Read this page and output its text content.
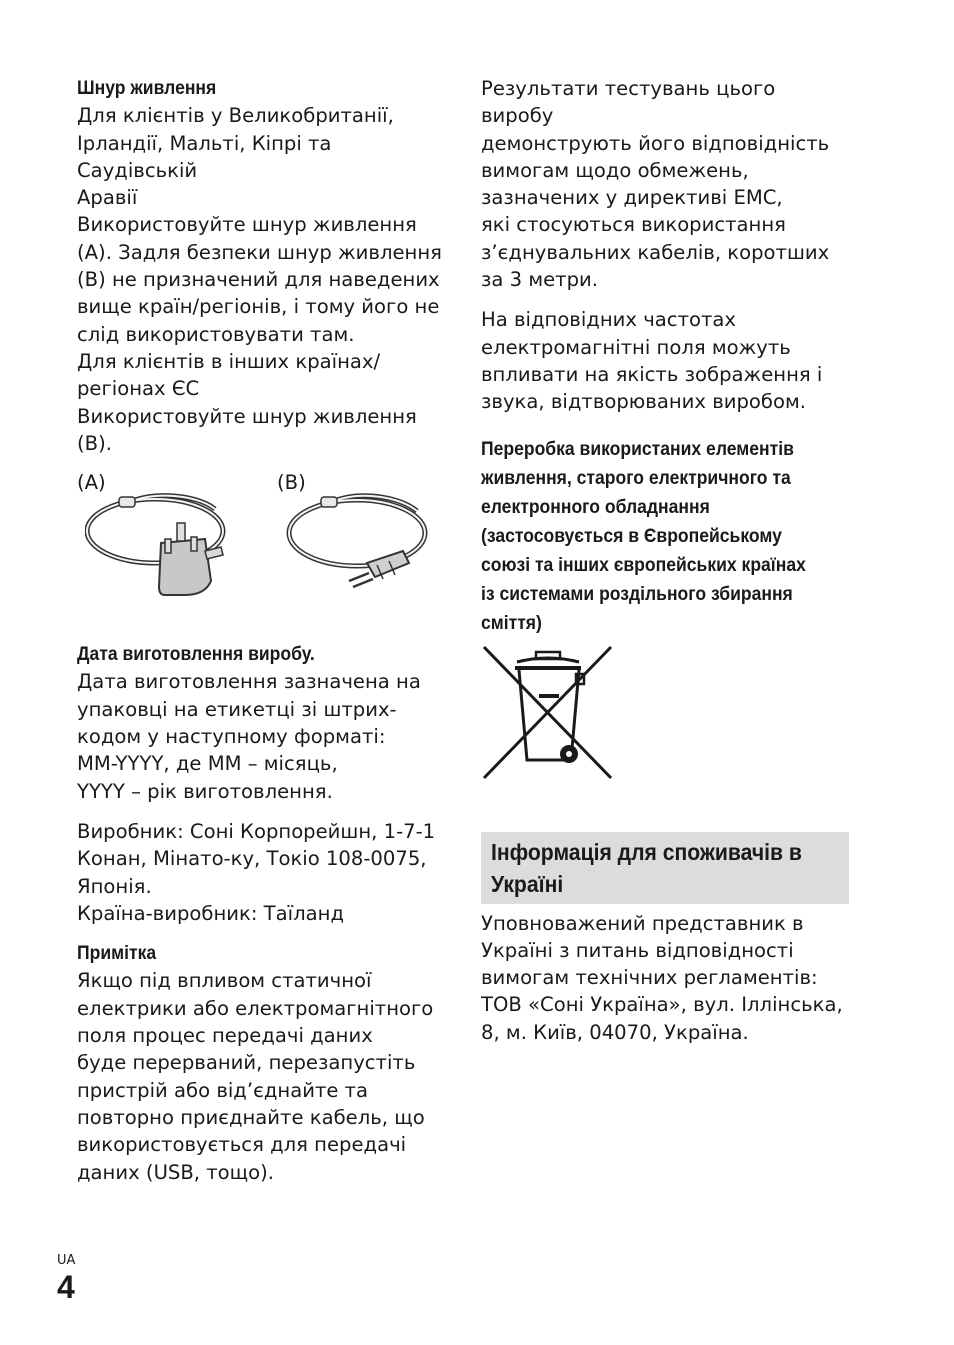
Шнур живлення

Для клієнтів у Великобританії,
Ірландії, Мальті, Кіпрі та Саудівській
Аравії
Використовуйте шнур живлення
(A). Задля безпеки шнур живлення
(B) не призначений для наведених
вище країн/регіонів, і тому його не
слід використовувати там.
Для клієнтів в інших країнах/
регіонах ЄС
Використовуйте шнур живлення
(B).

(A)	(B)

Дата виготовлення виробу.

Дата виготовлення зазначена на
упаковці на етикетці зі штрих-
кодом у наступному форматі:
MM-YYYY, де MM – місяць,
YYYY – рік виготовлення.

Виробник: Соні Корпорейшн, 1-7-1
Конан, Мінато-ку, Токіо 108-0075,
Японія.
Країна-виробник: Таїланд

Примітка

Якщо під впливом статичної
електрики або електромагнітного
поля процес передачі даних
буде перерваний, перезапустіть
пристрій або від’єднайте та
повторно приєднайте кабель, що
використовується для передачі
даних (USB, тощо).

Результати тестувань цього виробу
демонструють його відповідність
вимогам щодо обмежень,
зазначених у директиві EMC,
які стосуються використання
з’єднувальних кабелів, коротших
за 3 метри.

На відповідних частотах
електромагнітні поля можуть
впливати на якість зображення і
звука, відтворюваних виробом.

Переробка використаних елементів
живлення, старого електричного та
електронного обладнання
(застосовується в Європейському
союзі та інших європейських країнах
із системами роздільного збирання
сміття)

Інформація для споживачів в
Україні

Уповноважений представник в
Україні з питань відповідності
вимогам технічних регламентів:
ТОВ «Соні Україна», вул. Іллінська,
8, м. Київ, 04070, Україна.

UA
4
